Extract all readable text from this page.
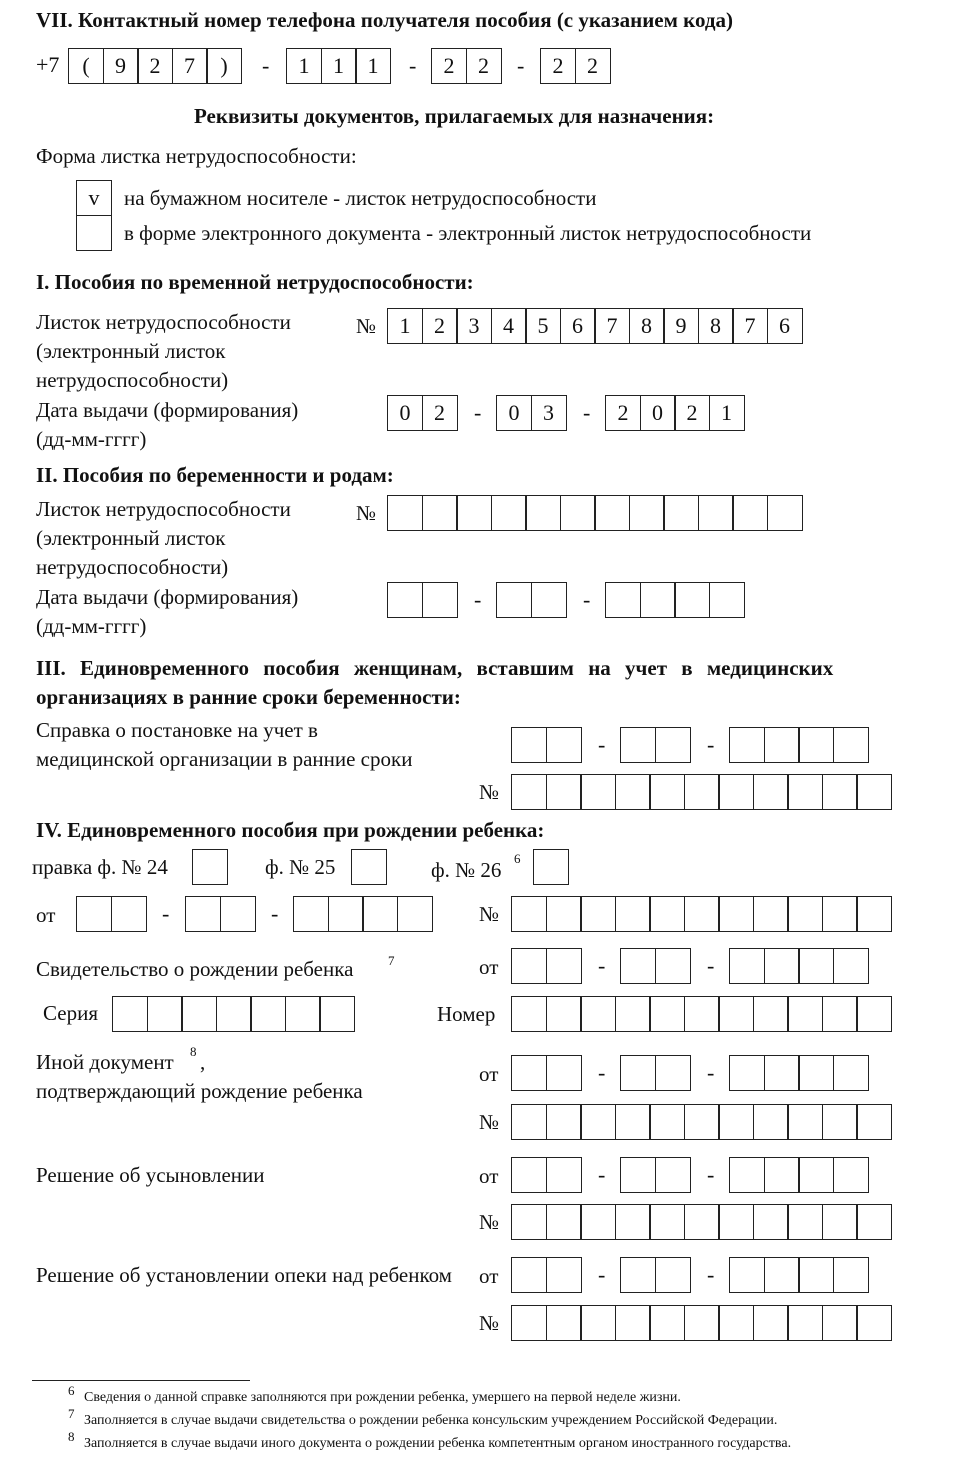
VII. Контактный номер телефона получателя пособия (с указанием кода)
+7	(	9	2	7	)	-	1	1	1	-	2	2	-	2	2
Реквизиты документов, прилагаемых для назначения:
Форма листка нетрудоспособности:
v	на бумажном носителе - листок нетрудоспособности
в форме электронного документа - электронный листок нетрудоспособности
I. Пособия по временной нетрудоспособности:
Листок нетрудоспособности
(электронный листок
нетрудоспособности)
№	1	2	3	4	5	6	7	8	9	8	7	6
Дата выдачи (формирования)
(дд-мм-гггг)
0	2	-	0	3	-	2	0	2	1
II. Пособия по беременности и родам:
Листок нетрудоспособности
(электронный листок
нетрудоспособности)
№
Дата выдачи (формирования)
(дд-мм-гггг)
-	-
III. Единовременного пособия женщинам, вставшим на учет в медицинских
организациях в ранние сроки беременности:
Справка о постановке на учет в
медицинской организации в ранние сроки
-	-
№
IV. Единовременного пособия при рождении ребенка:
правка ф. № 24	ф. № 25	ф. № 26 6
от	-	-	№
Свидетельство о рождении ребенка	7	от	-	-
Серия	Номер
Иной документ 8 ,
подтверждающий рождение ребенка
от	-	-
№
Решение об усыновлении	от	-	-
№
Решение об установлении опеки над ребенком от	-	-
№
6 Сведения о данной справке заполняются при рождении ребенка, умершего на первой неделе жизни.
7 Заполняется в случае выдачи свидетельства о рождении ребенка консульским учреждением Российской Федерации.
8 Заполняется в случае выдачи иного документа о рождении ребенка компетентным органом иностранного государства.
